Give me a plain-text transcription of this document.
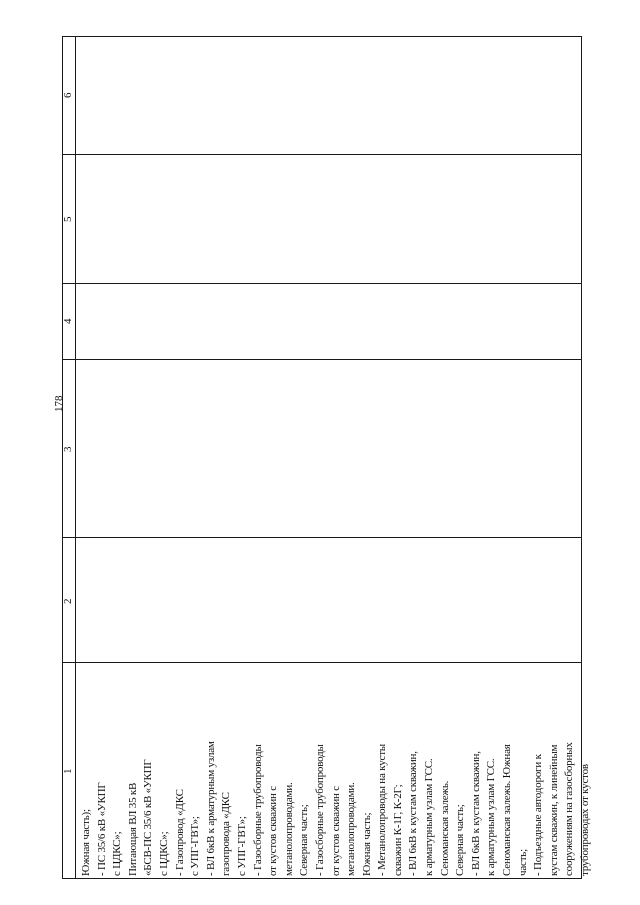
178
1
2
3
4
5
6
Южная часть); - ПС 35/6 кВ «УКПГ с ЦДКС»; Питающая ВЛ 35 кВ «БСВ-ПС 35/6 кВ «УКПГ с ЦДКС»; - Газопровод «ДКС с УПГ-ГВТ»; - ВЛ 6кВ к арматурным узлам газопровода «ДКС с УПГ-ГВТ»; - Газосборные трубопроводы от кустов скважин с метанолопроводами. Северная часть; - Газосборные трубопроводы от кустов скважин с метанолопроводами. Южная часть; - Метанолопроводы на кусты скважин К-1Г, К-2Г; - ВЛ 6кВ к кустам скважин, к арматурным узлам ГСС. Сеноманская залежь. Северная часть; - ВЛ 6кВ к кустам скважин, к арматурным узлам ГСС. Сеноманская залежь. Южная часть; - Подъездные автодороги к кустам скважин, к линейным сооружениям на газосборных трубопроводах от кустов
